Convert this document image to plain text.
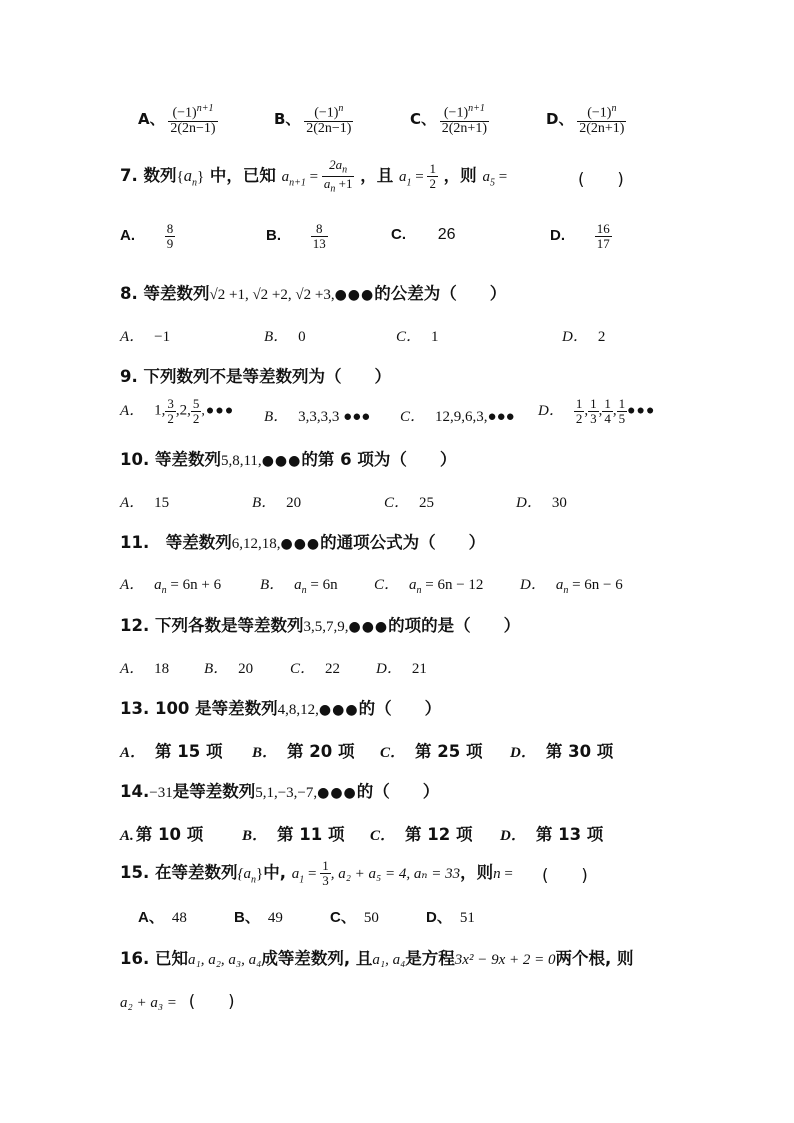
A、 $\frac{(-1)^{n+1}}{2(2n-1)}$	B、 $\frac{(-1)^n}{2(2n-1)}$	C、 $\frac{(-1)^{n+1}}{2(2n+1)}$	D、 $\frac{(-1)^n}{2(2n+1)}$
7. 数列$\{a_n\}$ 中，已知 $a_{n+1} = \frac{2a_n}{a_n +1}$ ，且 $a_1 = \frac{1}{2}$ ，则 $a_5$ =	(　　)
A. $\frac{8}{9}$	B. $\frac{8}{13}$	C. 26	D. $\frac{16}{17}$
8. 等差数列√2 +1, √2 +2, √2 +3,●●●的公差为（　　）
A． −1	B． 0	C． 1	D． 2
9. 下列数列不是等差数列为（　　）
A． 1, $\frac{3}{2} ,2$, $\frac{5}{2}$ ,●●● B． 3,3,3,3 ●●● C． 12,9,6,3,●●● D． $\frac{1}{2}$ , $\frac{1}{3}$ , $\frac{1}{4}$ , $\frac{1}{5}$ ●●●
10. 等差数列5,8,11,●●●的第 6 项为（　　）
A． 15	B． 20	C． 25	D． 30
11.　等差数列6,12,18,●●●的通项公式为（　　）
A． $a_n = 6n + 6$	B． $a_n = 6n$ C． $a_n = 6n - 12$ D． $a_n = 6n - 6$
12. 下列各数是等差数列3,5,7,9,●●●的项的是（　　）
A． 18 B． 20 C． 22 D． 21
13. 100 是等差数列4,8,12,●●●的（　　）
A． 第 15 项 B． 第 20 项 C． 第 25 项 D． 第 30 项
14.−31是等差数列5,1,−3,−7,●●●的（　　）
A. 第 10 项	B． 第 11 项 C． 第 12 项 D． 第 13 项
15. 在等差数列$\{a_n\}$中, $a_1 = \frac{1}{3}$ , a₂ + a₅ = 4, aₙ = 33，则n = (　　)
A、 48	B、 49	C、 50	D、 51
16. 已知a₁, a₂, a₃, a₄成等差数列, 且a₁, a₄是方程3x² − 9x + 2 = 0两个根, 则
a₂ + a₃ = (　　)
